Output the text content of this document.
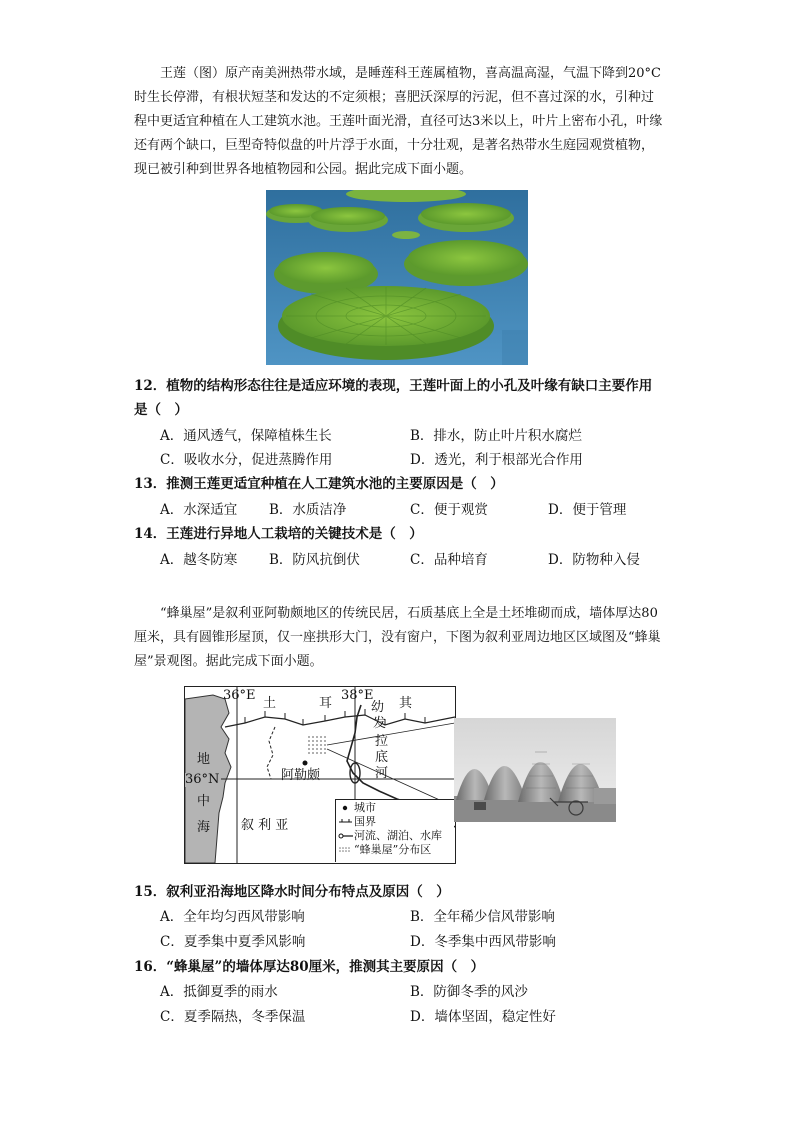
王莲（图）原产南美洲热带水域，是睡莲科王莲属植物，喜高温高湿，气温下降到20°C时生长停滞，有根状短茎和发达的不定须根；喜肥沃深厚的污泥，但不喜过深的水，引种过程中更适宜种植在人工建筑水池。王莲叶面光滑，直径可达3米以上，叶片上密布小孔，叶缘还有两个缺口，巨型奇特似盘的叶片浮于水面，十分壮观，是著名热带水生庭园观赏植物，现已被引种到世界各地植物园和公园。据此完成下面小题。
12．植物的结构形态往往是适应环境的表现，王莲叶面上的小孔及叶缘有缺口主要作用
是（　）
A．通风透气，保障植株生长	B．排水，防止叶片积水腐烂
C．吸收水分，促进蒸腾作用	D．透光，利于根部光合作用
13．推测王莲更适宜种植在人工建筑水池的主要原因是（　）
A．水深适宜 B．水质洁净	C．便于观赏	D．便于管理
14．王莲进行异地人工栽培的关键技术是（　）
A．越冬防寒 B．防风抗倒伏	C．品种培育	D．防物种入侵
“蜂巢屋”是叙利亚阿勒颇地区的传统民居，石质基底上全是土坯堆砌而成，墙体厚达80厘米，具有圆锥形屋顶，仅一座拱形大门，没有窗户，下图为叙利亚周边地区区域图及“蜂巢屋”景观图。据此完成下面小题。
36°E	38°E
36°N
土	耳	其
地
中
海 叙 利 亚
阿勒颇
幼
发
拉
底
河
城市
国界
河流、湖泊、水库
“蜂巢屋”分布区
15．叙利亚沿海地区降水时间分布特点及原因（　）
A．全年均匀西风带影响	B．全年稀少信风带影响
C．夏季集中夏季风影响	D．冬季集中西风带影响
16．“蜂巢屋”的墙体厚达80厘米，推测其主要原因（　）
A．抵御夏季的雨水	B．防御冬季的风沙
C．夏季隔热，冬季保温	D．墙体坚固，稳定性好
